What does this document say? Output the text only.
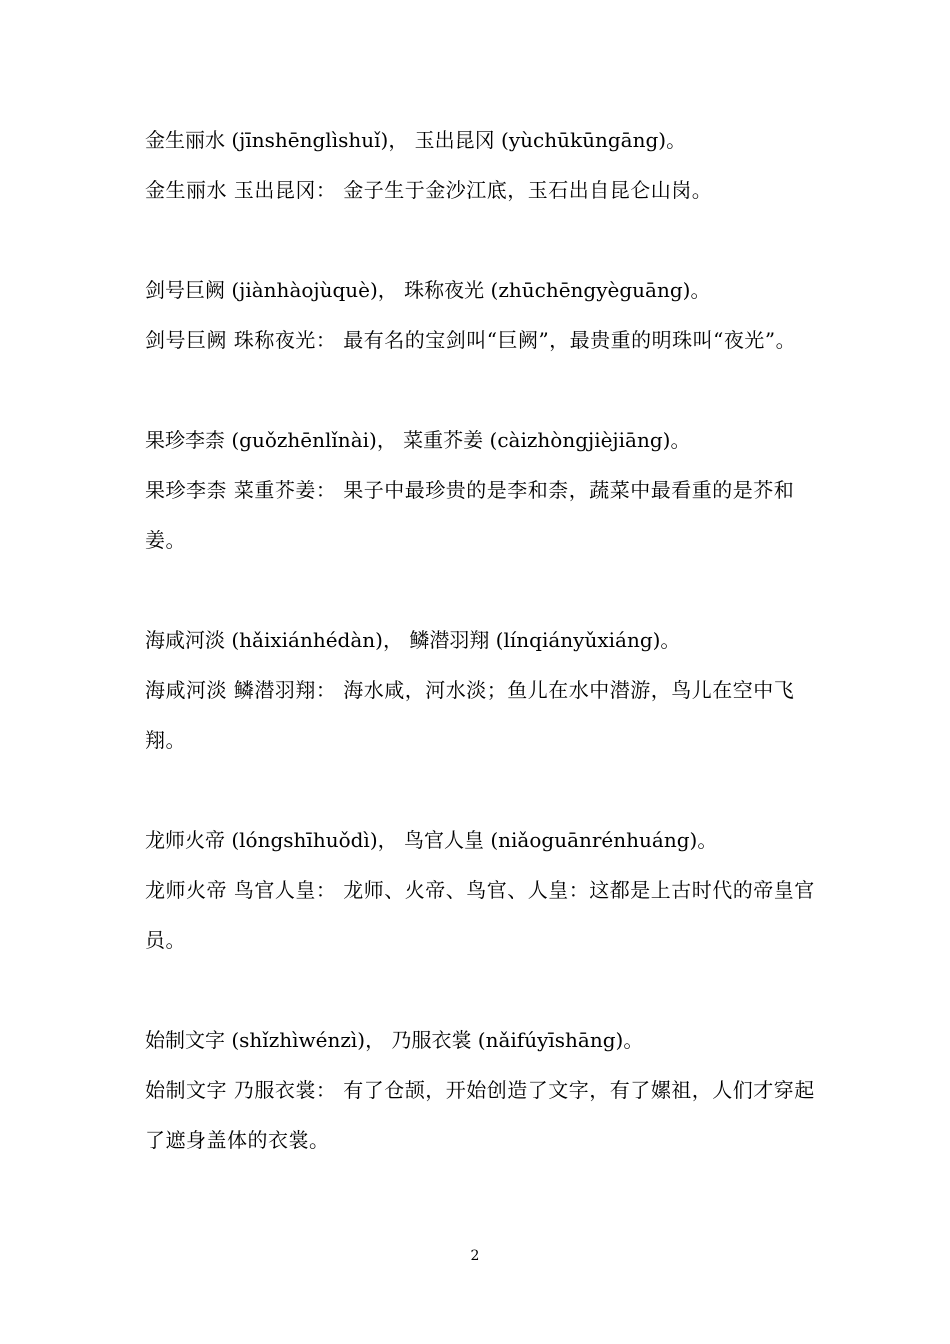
金生丽水 (jīnshēnglìshuǐ)， 玉出昆冈 (yùchūkūngāng)。

金生丽水 玉出昆冈： 金子生于金沙江底，玉石出自昆仑山岗。

剑号巨阙 (jiànhàojùquè)， 珠称夜光 (zhūchēngyèguāng)。

剑号巨阙 珠称夜光： 最有名的宝剑叫“巨阙”，最贵重的明珠叫“夜光”。

果珍李柰 (guǒzhēnlǐnài)， 菜重芥姜 (càizhòngjièjiāng)。

果珍李柰 菜重芥姜： 果子中最珍贵的是李和柰，蔬菜中最看重的是芥和姜。

海咸河淡 (hǎixiánhédàn)， 鳞潜羽翔 (línqiányǔxiáng)。

海咸河淡 鳞潜羽翔： 海水咸，河水淡；鱼儿在水中潜游，鸟儿在空中飞翔。

龙师火帝 (lóngshīhuǒdì)， 鸟官人皇 (niǎoguānrénhuáng)。

龙师火帝 鸟官人皇： 龙师、火帝、鸟官、人皇：这都是上古时代的帝皇官员。

始制文字 (shǐzhìwénzì)， 乃服衣裳 (nǎifúyīshāng)。

始制文字 乃服衣裳： 有了仓颉，开始创造了文字，有了嫘祖，人们才穿起了遮身盖体的衣裳。

2
